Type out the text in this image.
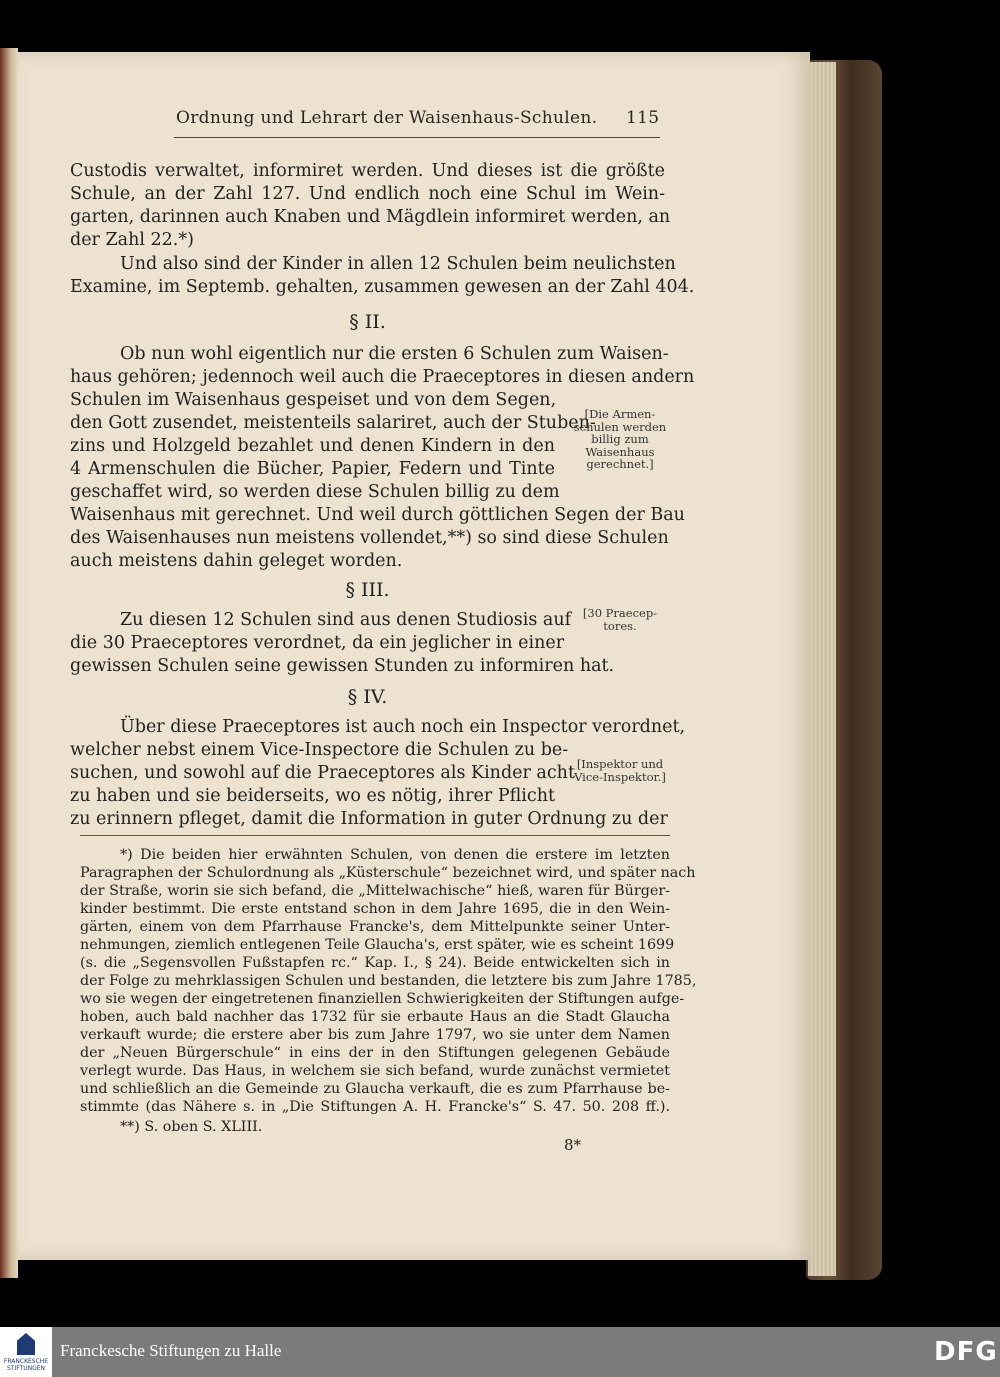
Ordnung und Lehrart der Waisenhaus-Schulen. 115
Custodis verwaltet, informiret werden. Und dieses ist die größte
Schule, an der Zahl 127. Und endlich noch eine Schul im Wein-
garten, darinnen auch Knaben und Mägdlein informiret werden, an
der Zahl 22.*)
Und also sind der Kinder in allen 12 Schulen beim neulichsten
Examine, im Septemb. gehalten, zusammen gewesen an der Zahl 404.
§ II.
Ob nun wohl eigentlich nur die ersten 6 Schulen zum Waisen-
haus gehören; jedennoch weil auch die Praeceptores in diesen andern
Schulen im Waisenhaus gespeiset und von dem Segen,
den Gott zusendet, meistenteils salariret, auch der Stuben-
zins und Holzgeld bezahlet und denen Kindern in den
4 Armenschulen die Bücher, Papier, Federn und Tinte
geschaffet wird, so werden diese Schulen billig zu dem
Waisenhaus mit gerechnet. Und weil durch göttlichen Segen der Bau
des Waisenhauses nun meistens vollendet,**) so sind diese Schulen
auch meistens dahin geleget worden.
[Die Armen-
schulen werden
billig zum
Waisenhaus
gerechnet.]
§ III.
Zu diesen 12 Schulen sind aus denen Studiosis auf
die 30 Praeceptores verordnet, da ein jeglicher in einer
gewissen Schulen seine gewissen Stunden zu informiren hat.
[30 Praecep-
tores.
§ IV.
Über diese Praeceptores ist auch noch ein Inspector verordnet,
welcher nebst einem Vice-Inspectore die Schulen zu be-
suchen, und sowohl auf die Praeceptores als Kinder acht
zu haben und sie beiderseits, wo es nötig, ihrer Pflicht
zu erinnern pfleget, damit die Information in guter Ordnung zu der
[Inspektor und
Vice-Inspektor.]
*) Die beiden hier erwähnten Schulen, von denen die erstere im letzten
Paragraphen der Schulordnung als „Küsterschule“ bezeichnet wird, und später nach
der Straße, worin sie sich befand, die „Mittelwachische“ hieß, waren für Bürger-
kinder bestimmt. Die erste entstand schon in dem Jahre 1695, die in den Wein-
gärten, einem von dem Pfarrhause Francke's, dem Mittelpunkte seiner Unter-
nehmungen, ziemlich entlegenen Teile Glaucha's, erst später, wie es scheint 1699
(s. die „Segensvollen Fußstapfen rc.“ Kap. I., § 24). Beide entwickelten sich in
der Folge zu mehrklassigen Schulen und bestanden, die letztere bis zum Jahre 1785,
wo sie wegen der eingetretenen finanziellen Schwierigkeiten der Stiftungen aufge-
hoben, auch bald nachher das 1732 für sie erbaute Haus an die Stadt Glaucha
verkauft wurde; die erstere aber bis zum Jahre 1797, wo sie unter dem Namen
der „Neuen Bürgerschule“ in eins der in den Stiftungen gelegenen Gebäude
verlegt wurde. Das Haus, in welchem sie sich befand, wurde zunächst vermietet
und schließlich an die Gemeinde zu Glaucha verkauft, die es zum Pfarrhause be-
stimmte (das Nähere s. in „Die Stiftungen A. H. Francke's“ S. 47. 50. 208 ff.).
**) S. oben S. XLIII.
8*
FRANCKESCHE STIFTUNGEN
Franckesche Stiftungen zu Halle	DFG
